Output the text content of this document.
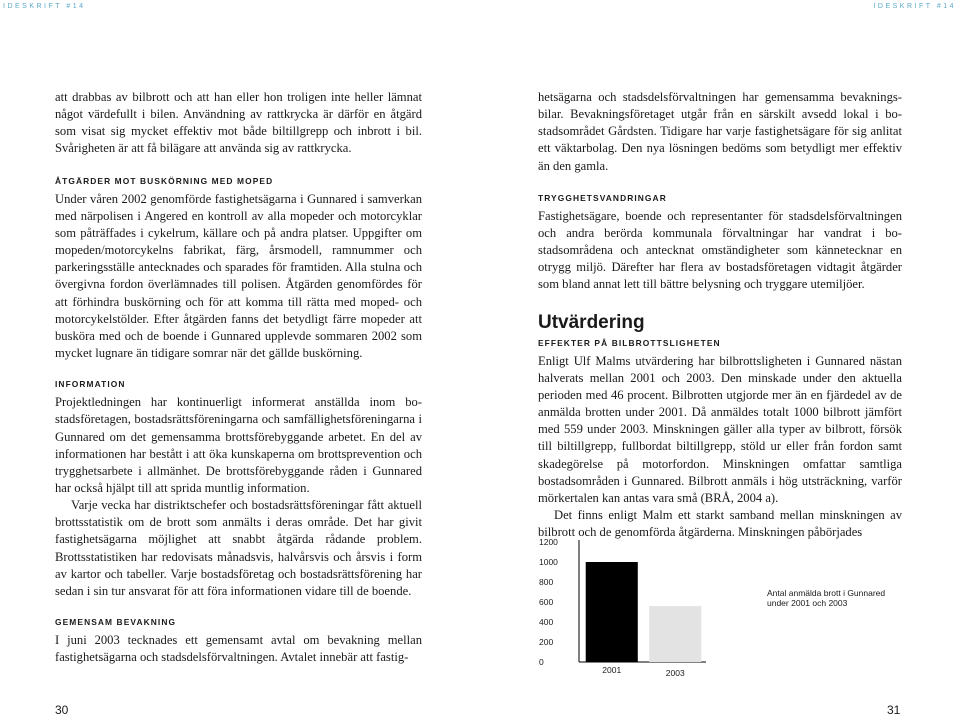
IDESKRIFT #14	IDESKRIFT #14

att drabbas av bilbrott och att han eller hon troligen inte heller lämnat något värdefullt i bilen. Användning av rattkrycka är därför en åtgärd som visat sig mycket effektiv mot både biltillgrepp och inbrott i bil. Svårigheten är att få bilägare att använda sig av rattkrycka.

ÅTGÄRDER MOT BUSKÖRNING MED MOPED

Under våren 2002 genomförde fastighetsägarna i Gunnared i samverkan med närpolisen i Angered en kontroll av alla mopeder och motorcyklar som påträffades i cykelrum, källare och på andra platser. Uppgifter om mopeden/motorcykelns fabrikat, färg, årsmodell, ramnummer och parkeringsställe antecknades och sparades för framtiden. Alla stulna och övergivna fordon överlämnades till polisen. Åtgärden genomfördes för att förhindra buskörning och för att komma till rätta med moped- och motorcykelstölder. Efter åtgärden fanns det betydligt färre mopeder att busköra med och de boende i Gunnared upplevde sommaren 2002 som mycket lugnare än tidigare somrar när det gällde buskörning.

INFORMATION

Projektledningen har kontinuerligt informerat anställda inom bostadsföretagen, bostadsrättsföreningarna och samfällighetsföreningarna i Gunnared om det gemensamma brottsförebyggande arbetet. En del av informationen har bestått i att öka kunskaperna om brottsprevention och trygghetsarbete i allmänhet. De brottsförebyggande råden i Gunnared har också hjälpt till att sprida muntlig information.

Varje vecka har distriktschefer och bostadsrättsföreningar fått aktuell brottsstatistik om de brott som anmälts i deras område. Det har givit fastighetsägarna möjlighet att snabbt åtgärda rådande problem. Brottsstatistiken har redovisats månadsvis, halvårsvis och årsvis i form av kartor och tabeller. Varje bostadsföretag och bostadsrättsförening har sedan i sin tur ansvarat för att föra informationen vidare till de boende.

GEMENSAM BEVAKNING

I juni 2003 tecknades ett gemensamt avtal om bevakning mellan fastighetsägarna och stadsdelsförvaltningen. Avtalet innebär att fastig-

hetsägarna och stadsdelsförvaltningen har gemensamma bevakningsbilar. Bevakningsföretaget utgår från en särskilt avsedd lokal i bostadsområdet Gårdsten. Tidigare har varje fastighetsägare för sig anlitat ett väktarbolag. Den nya lösningen bedöms som betydligt mer effektiv än den gamla.

TRYGGHETSVANDRINGAR

Fastighetsägare, boende och representanter för stadsdelsförvaltningen och andra berörda kommunala förvaltningar har vandrat i bostadsområdena och antecknat omständigheter som kännetecknar en otrygg miljö. Därefter har flera av bostadsföretagen vidtagit åtgärder som bland annat lett till bättre belysning och tryggare utemiljöer.

Utvärdering
EFFEKTER PÅ BILBROTTSLIGHETEN

Enligt Ulf Malms utvärdering har bilbrottsligheten i Gunnared nästan halverats mellan 2001 och 2003. Den minskade under den aktuella perioden med 46 procent. Bilbrotten utgjorde mer än en fjärdedel av de anmälda brotten under 2001. Då anmäldes totalt 1000 bilbrott jämfört med 559 under 2003. Minskningen gäller alla typer av bilbrott, försök till biltillgrepp, fullbordat biltillgrepp, stöld ur eller från fordon samt skadegörelse på motorfordon. Minskningen omfattar samtliga bostadsområden i Gunnared. Bilbrott anmäls i hög utsträckning, varför mörkertalen kan antas vara små (BRÅ, 2004 a).

Det finns enligt Malm ett starkt samband mellan minskningen av bilbrott och de genomförda åtgärderna. Minskningen påbörjades

0
200
400
600
800
1000
1200
2001	2003
Antal anmälda brott i Gunnared
under 2001 och 2003
30	31
